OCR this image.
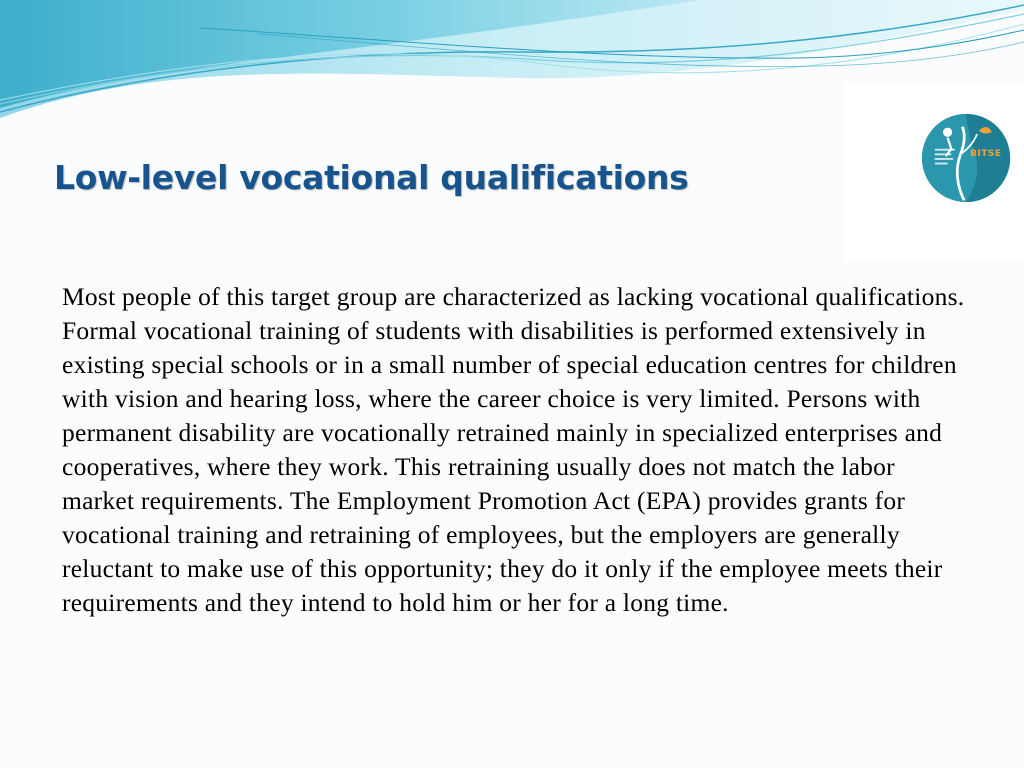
BITSE
Low-level vocational qualifications

Most people of this target group are characterized as lacking vocational qualifications. Formal vocational training of students with disabilities is performed extensively in existing special schools or in a small number of special education centres for children with vision and hearing loss, where the career choice is very limited. Persons with permanent disability are vocationally retrained mainly in specialized enterprises and cooperatives, where they work. This retraining usually does not match the labor market requirements. The Employment Promotion Act (EPA) provides grants for vocational training and retraining of employees, but the employers are generally reluctant to make use of this opportunity; they do it only if the employee meets their requirements and they intend to hold him or her for a long time.
